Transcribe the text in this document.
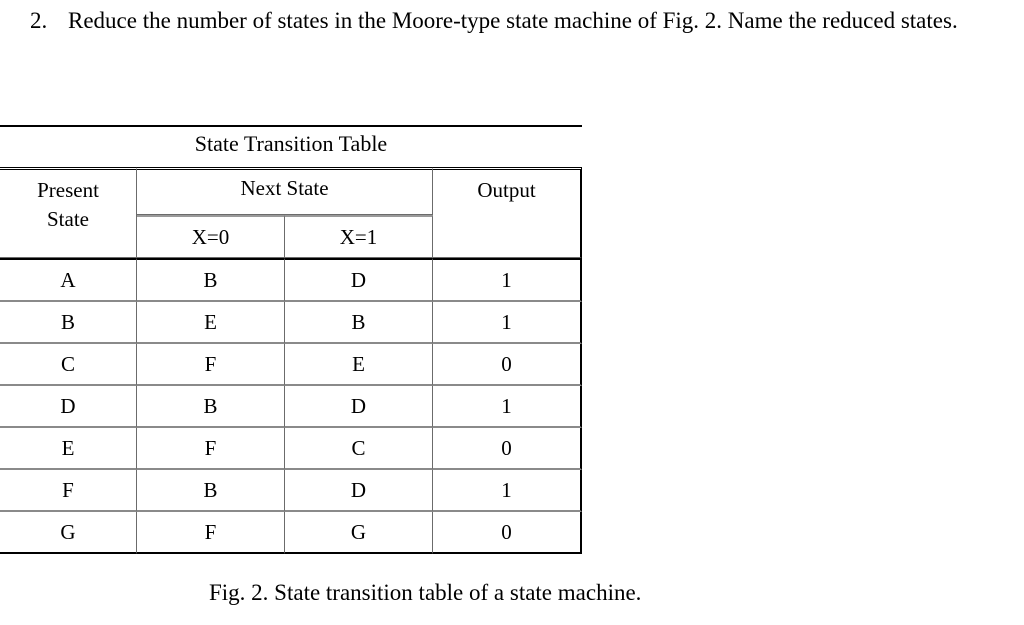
2. Reduce the number of states in the Moore-type state machine of Fig. 2. Name the reduced states.
State Transition Table
Present
State	Next State		Output
	X=0	X=1	
A	B	D	1
B	E	B	1
C	F	E	0
D	B	D	1
E	F	C	0
F	B	D	1
G	F	G	0
Fig. 2. State transition table of a state machine.
